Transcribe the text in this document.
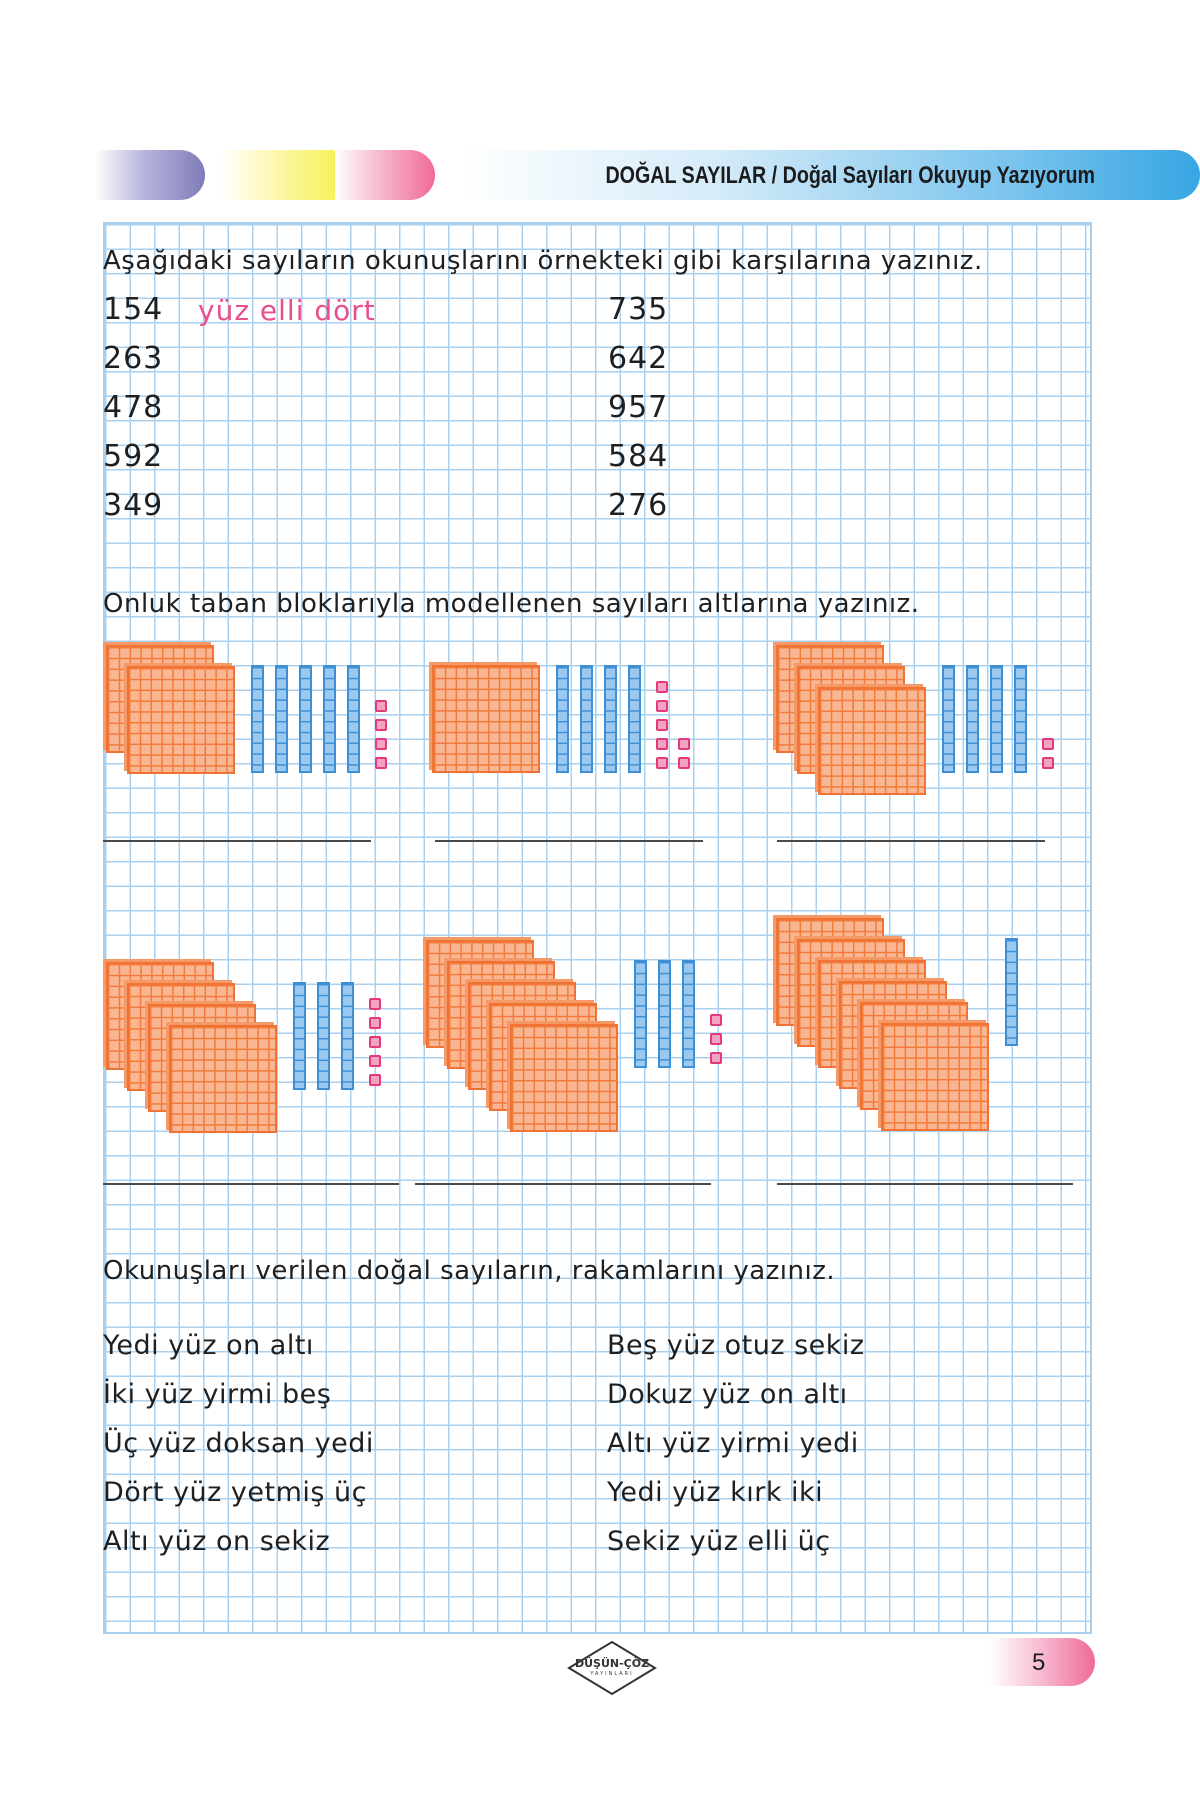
DOĞAL SAYILAR / Doğal Sayıları Okuyup Yazıyorum
Aşağıdaki sayıların okunuşlarını örnekteki gibi karşılarına yazınız.
154
263
478
592
349
yüz elli dört	735
642
957
584
276
Onluk taban bloklarıyla modellenen sayıları altlarına yazınız.
Okunuşları verilen doğal sayıların, rakamlarını yazınız.
Yedi yüz on altı
İki yüz yirmi beş
Üç yüz doksan yedi
Dört yüz yetmiş üç
Altı yüz on sekiz
Beş yüz otuz sekiz
Dokuz yüz on altı
Altı yüz yirmi yedi
Yedi yüz kırk iki
Sekiz yüz elli üç
DÜŞÜN-ÇÖZ
YAYINLARI	5
